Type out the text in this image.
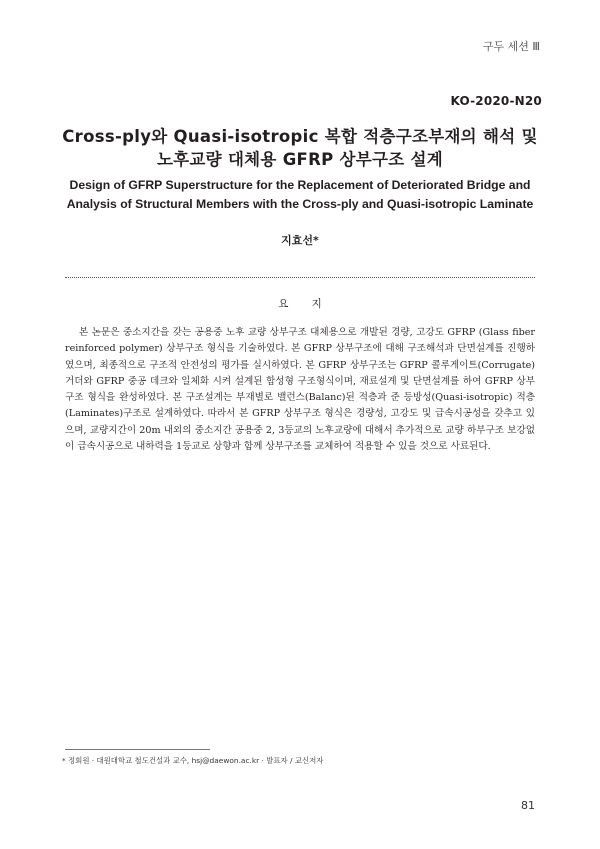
구두 세션 Ⅲ
KO-2020-N20
Cross-ply와 Quasi-isotropic 복합 적층구조부재의 해석 및
노후교량 대체용 GFRP 상부구조 설계
Design of GFRP Superstructure for the Replacement of Deteriorated Bridge and
Analysis of Structural Members with the Cross-ply and Quasi-isotropic Laminate
지효선*
요 지
본 논문은 중소지간을 갖는 공용중 노후 교량 상부구조 대체용으로 개발된 경량, 고강도 GFRP (Glass fiber reinforced polymer) 상부구조 형식을 기술하였다. 본 GFRP 상부구조에 대해 구조해석과 단면설계를 진행하였으며, 최종적으로 구조적 안전성의 평가를 실시하였다. 본 GFRP 상부구조는 GFRP 콜루게이트(Corrugate) 거더와 GFRP 중공 데크와 일체화 시켜 설계된 합성형 구조형식이며, 재료설계 및 단면설계를 하여 GFRP 상부구조 형식을 완성하였다. 본 구조설계는 부재별로 밸런스(Balanc)된 적층과 준 등방성(Quasi-isotropic) 적층(Laminates)구조로 설계하였다. 따라서 본 GFRP 상부구조 형식은 경량성, 고강도 및 급속시공성을 갖추고 있으며, 교량지간이 20m 내외의 중소지간 공용중 2, 3등교의 노후교량에 대해서 추가적으로 교량 하부구조 보강없이 급속시공으로 내하력을 1등교로 상향과 함께 상부구조를 교체하여 적용할 수 있을 것으로 사료된다.
* 정회원 · 대원대학교 철도건설과 교수, hsj@daewon.ac.kr · 발표자 / 교신저자
81
